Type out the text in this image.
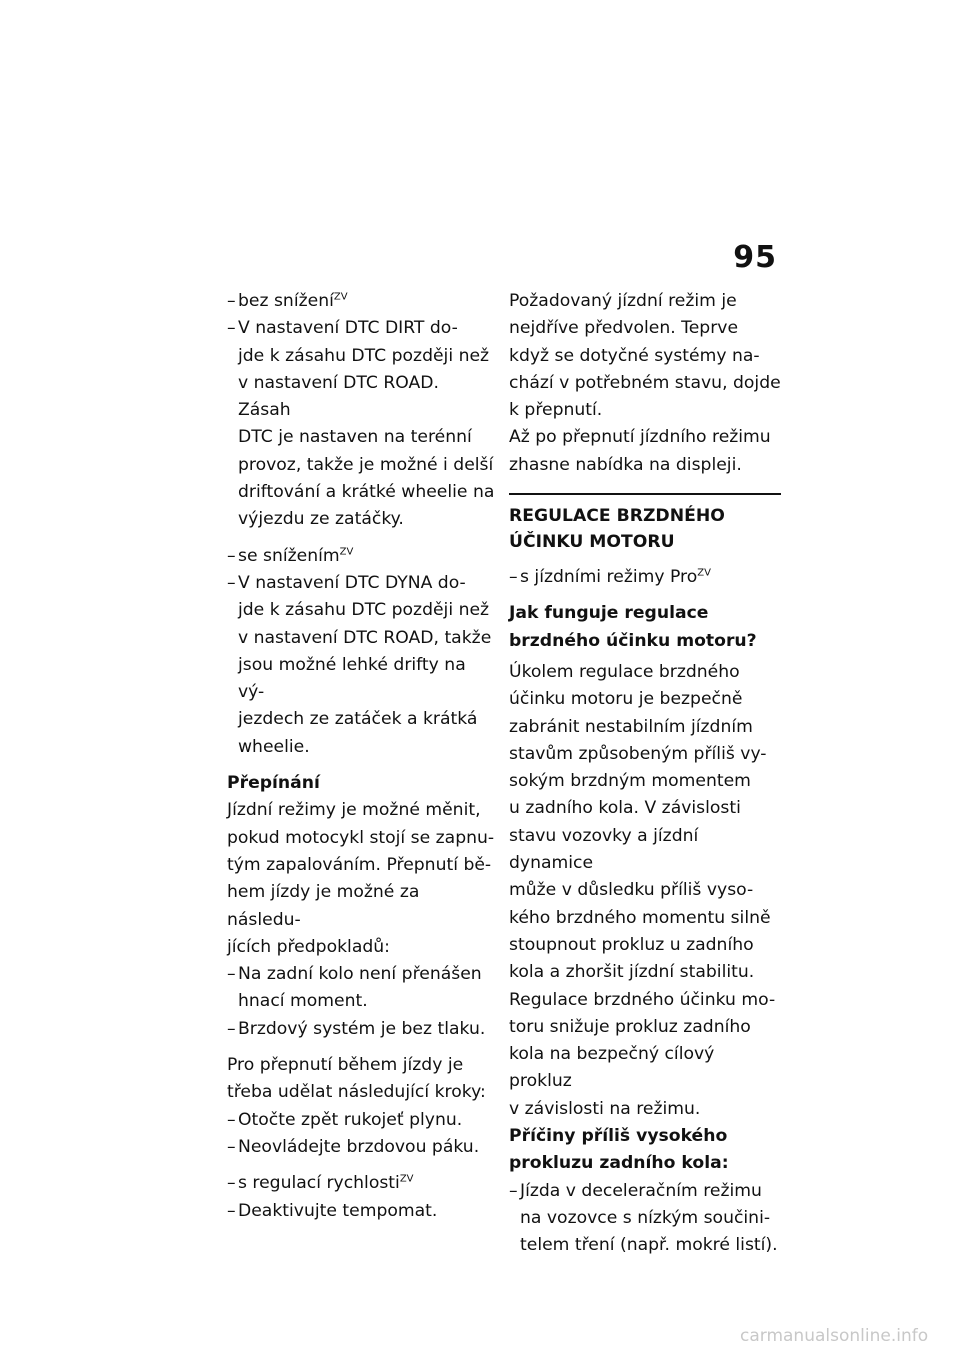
95
– bez snížení$^{ZV}$
– V nastavení DTC DIRT do-
jde k zásahu DTC později než
v nastavení DTC ROAD. Zásah
DTC je nastaven na terénní
provoz, takže je možné i delší
driftování a krátké wheelie na
výjezdu ze zatáčky.
– se snížením$^{ZV}$
– V nastavení DTC DYNA do-
jde k zásahu DTC později než
v nastavení DTC ROAD, takže
jsou možné lehké drifty na vý-
jezdech ze zatáček a krátká
wheelie.
Přepínání
Jízdní režimy je možné měnit,
pokud motocykl stojí se zapnu-
tým zapalováním. Přepnutí bě-
hem jízdy je možné za následu-
jících předpokladů:
– Na zadní kolo není přenášen
hnací moment.
– Brzdový systém je bez tlaku.
Pro přepnutí během jízdy je
třeba udělat následující kroky:
– Otočte zpět rukojeť plynu.
– Neovládejte brzdovou páku.
– s regulací rychlosti$^{ZV}$
– Deaktivujte tempomat.
Požadovaný jízdní režim je
nejdříve předvolen. Teprve
když se dotyčné systémy na-
chází v potřebném stavu, dojde
k přepnutí.
Až po přepnutí jízdního režimu
zhasne nabídka na displeji.
REGULACE BRZDNÉHO
ÚČINKU MOTORU
– s jízdními režimy Pro$^{ZV}$
Jak funguje regulace
brzdného účinku motoru?
Úkolem regulace brzdného
účinku motoru je bezpečně
zabránit nestabilním jízdním
stavům způsobeným příliš vy-
sokým brzdným momentem
u zadního kola. V závislosti
stavu vozovky a jízdní dynamice
může v důsledku příliš vyso-
kého brzdného momentu silně
stoupnout prokluz u zadního
kola a zhoršit jízdní stabilitu.
Regulace brzdného účinku mo-
toru snižuje prokluz zadního
kola na bezpečný cílový prokluz
v závislosti na režimu.
Příčiny příliš vysokého
prokluzu zadního kola:
– Jízda v deceleračním režimu
na vozovce s nízkým součini-
telem tření (např. mokré listí).
carmanualsonline.info
